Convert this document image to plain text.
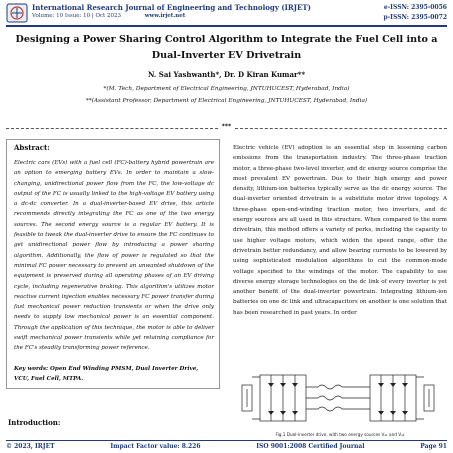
International Research Journal of Engineering and Technology (IRJET)
Volume: 10 Issue: 10 | Oct 2023	www.irjet.net
e-ISSN: 2395-0056
p-ISSN: 2395-0072
Designing a Power Sharing Control Algorithm to Integrate the Fuel Cell into a Dual-Inverter EV Drivetrain
N. Sai Yashwanth*, Dr. D Kiran Kumar**
*(M. Tech, Department of Electrical Engineering, JNTUHUCEST, Hyderabad, India)
**(Assistant Professor, Department of Electrical Engineering, JNTUHUCEST, Hyderabad, India)
***
Abstract:
Electric cars (EVs) with a fuel cell (FC)-battery hybrid powertrain are an option to emerging battery EVs. In order to maintain a slow-changing, unidirectional power flow from the FC, the low-voltage dc output of the FC is usually linked to the high-voltage EV battery using a dc-dc converter. In a dual-inverter-based EV drive, this article recommends directly integrating the FC as one of the two energy sources. The second energy source is a regular EV battery. It is feasible to tweak the dual-inverter drive to ensure the FC continues to get unidirectional power flow by introducing a power sharing algorithm. Additionally, the flow of power is regulated so that the minimal FC power necessary to prevent an unwanted shutdown of the equipment is preserved during all operating phases of an EV driving cycle, including regenerative braking. This algorithm's utilizes motor reactive current injection enables necessary FC power transfer during fast mechanical power reduction transients or when the drive only needs to supply low mechanical power is an essential component. Through the application of this technique, the motor is able to deliver swift mechanical power transients while yet retaining compliance for the FC's steadily transforming power reference.
Key words: Open End Winding PMSM, Dual Inverter Drive, VCU, Fuel Cell, MTPA.
Introduction:
Electric vehicle (EV) adoption is an essential step in lessening carbon emissions from the transportation industry. The three-phase traction motor, a three-phase two-level inverter, and dc energy source comprise the most prevalent EV powertrain. Due to their high energy and power density, lithium-ion batteries typically serve as the dc energy source. The dual-inverter oriented drivetrain is a substitute motor drive topology. A three-phase open-end-winding traction motor, two inverters, and dc energy sources are all used in this structure. When compared to the norm drivetrain, this method offers a variety of perks, including the capacity to use higher voltage motors, which widen the speed range, offer the drivetrain better redundancy, and allow bearing currents to be lowered by using sophisticated modulation algorithms to cut the common-mode voltage specified to the windings of the motor. The capability to use diverse energy storage technologies on the dc link of every inverter is yet another benefit of the dual-inverter powertrain. Integrating lithium-ion batteries on one dc link and ultracapacitors on another is one solution that has been researched in past years. In order
Fig.1 Dual-inverter drive, with two energy sources Vₐ₁ and Vₐ₂
© 2023, IRJET	Impact Factor value: 8.226	ISO 9001:2008 Certified Journal	Page 91
